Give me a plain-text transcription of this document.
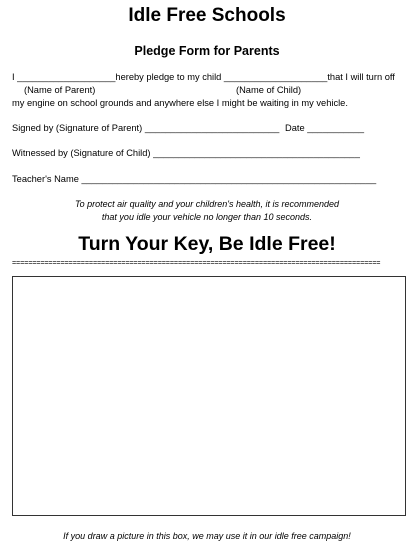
Idle Free Schools
Pledge Form for Parents
I ___________________hereby pledge to my child ____________________that I will turn off
(Name of Parent)	(Name of Child)
my engine on school grounds and anywhere else I might be waiting in my vehicle.
Signed by (Signature of Parent) __________________________ Date ___________
Witnessed by (Signature of Child) ________________________________________
Teacher's Name _________________________________________________________
To protect air quality and your children's health, it is recommended
that you idle your vehicle no longer than 10 seconds.
Turn Your Key, Be Idle Free!
===========================================================================================
If you draw a picture in this box, we may use it in our idle free campaign!
